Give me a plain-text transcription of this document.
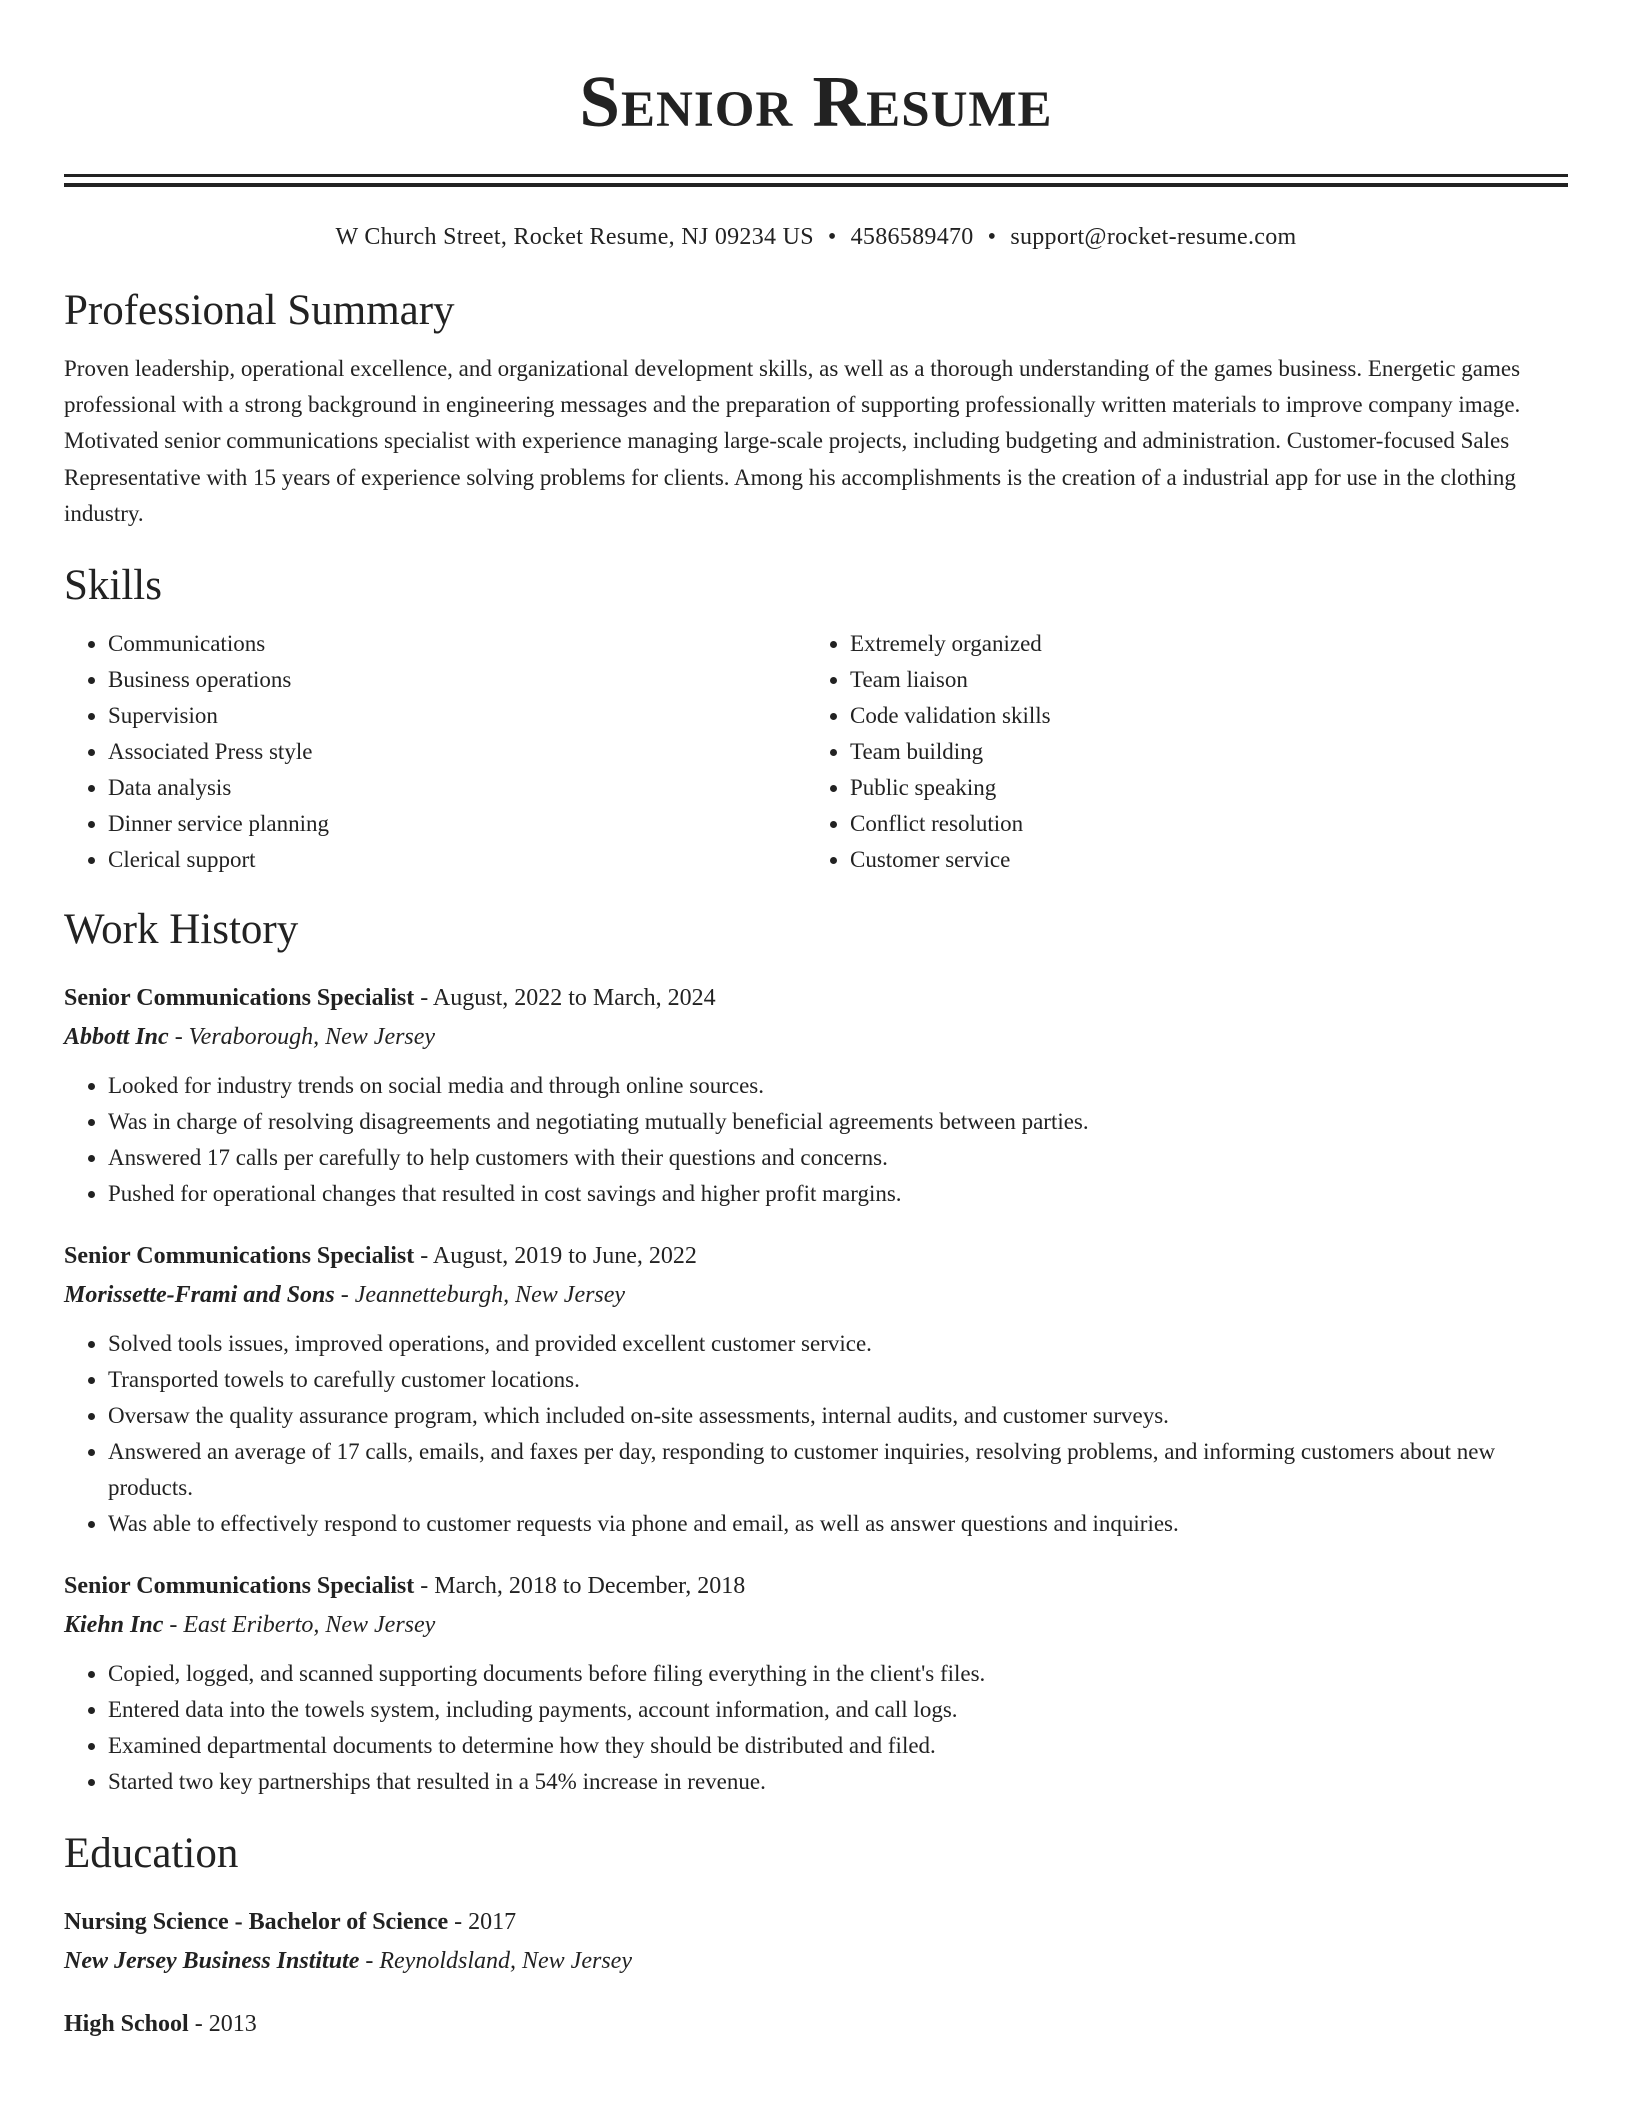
Senior Resume
W Church Street, Rocket Resume, NJ 09234 US • 4586589470 • support@rocket-resume.com
Professional Summary

Proven leadership, operational excellence, and organizational development skills, as well as a thorough understanding of the games business. Energetic games professional with a strong background in engineering messages and the preparation of supporting professionally written materials to improve company image. Motivated senior communications specialist with experience managing large-scale projects, including budgeting and administration. Customer-focused Sales Representative with 15 years of experience solving problems for clients. Among his accomplishments is the creation of a industrial app for use in the clothing industry.

Skills
• Communications
• Business operations
• Supervision
• Associated Press style
• Data analysis
• Dinner service planning
• Clerical support
• Extremely organized
• Team liaison
• Code validation skills
• Team building
• Public speaking
• Conflict resolution
• Customer service
Work History
Senior Communications Specialist - August, 2022 to March, 2024
Abbott Inc - Veraborough, New Jersey
• Looked for industry trends on social media and through online sources.
• Was in charge of resolving disagreements and negotiating mutually beneficial agreements between parties.
• Answered 17 calls per carefully to help customers with their questions and concerns.
• Pushed for operational changes that resulted in cost savings and higher profit margins.
Senior Communications Specialist - August, 2019 to June, 2022
Morissette-Frami and Sons - Jeannetteburgh, New Jersey
• Solved tools issues, improved operations, and provided excellent customer service.
• Transported towels to carefully customer locations.
• Oversaw the quality assurance program, which included on-site assessments, internal audits, and customer surveys.
• Answered an average of 17 calls, emails, and faxes per day, responding to customer inquiries, resolving problems, and informing customers about new products.
• Was able to effectively respond to customer requests via phone and email, as well as answer questions and inquiries.
Senior Communications Specialist - March, 2018 to December, 2018
Kiehn Inc - East Eriberto, New Jersey
• Copied, logged, and scanned supporting documents before filing everything in the client's files.
• Entered data into the towels system, including payments, account information, and call logs.
• Examined departmental documents to determine how they should be distributed and filed.
• Started two key partnerships that resulted in a 54% increase in revenue.
Education
Nursing Science - Bachelor of Science - 2017
New Jersey Business Institute - Reynoldsland, New Jersey
High School - 2013
